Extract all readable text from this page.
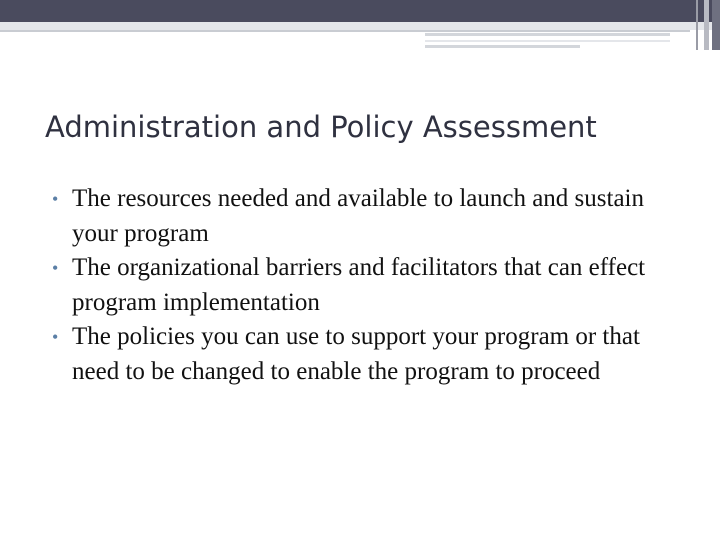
Administration and Policy Assessment
• The resources needed and available to launch and sustain your program
• The organizational barriers and facilitators that can effect program implementation
• The policies you can use to support your program or that need to be changed to enable the program to proceed
